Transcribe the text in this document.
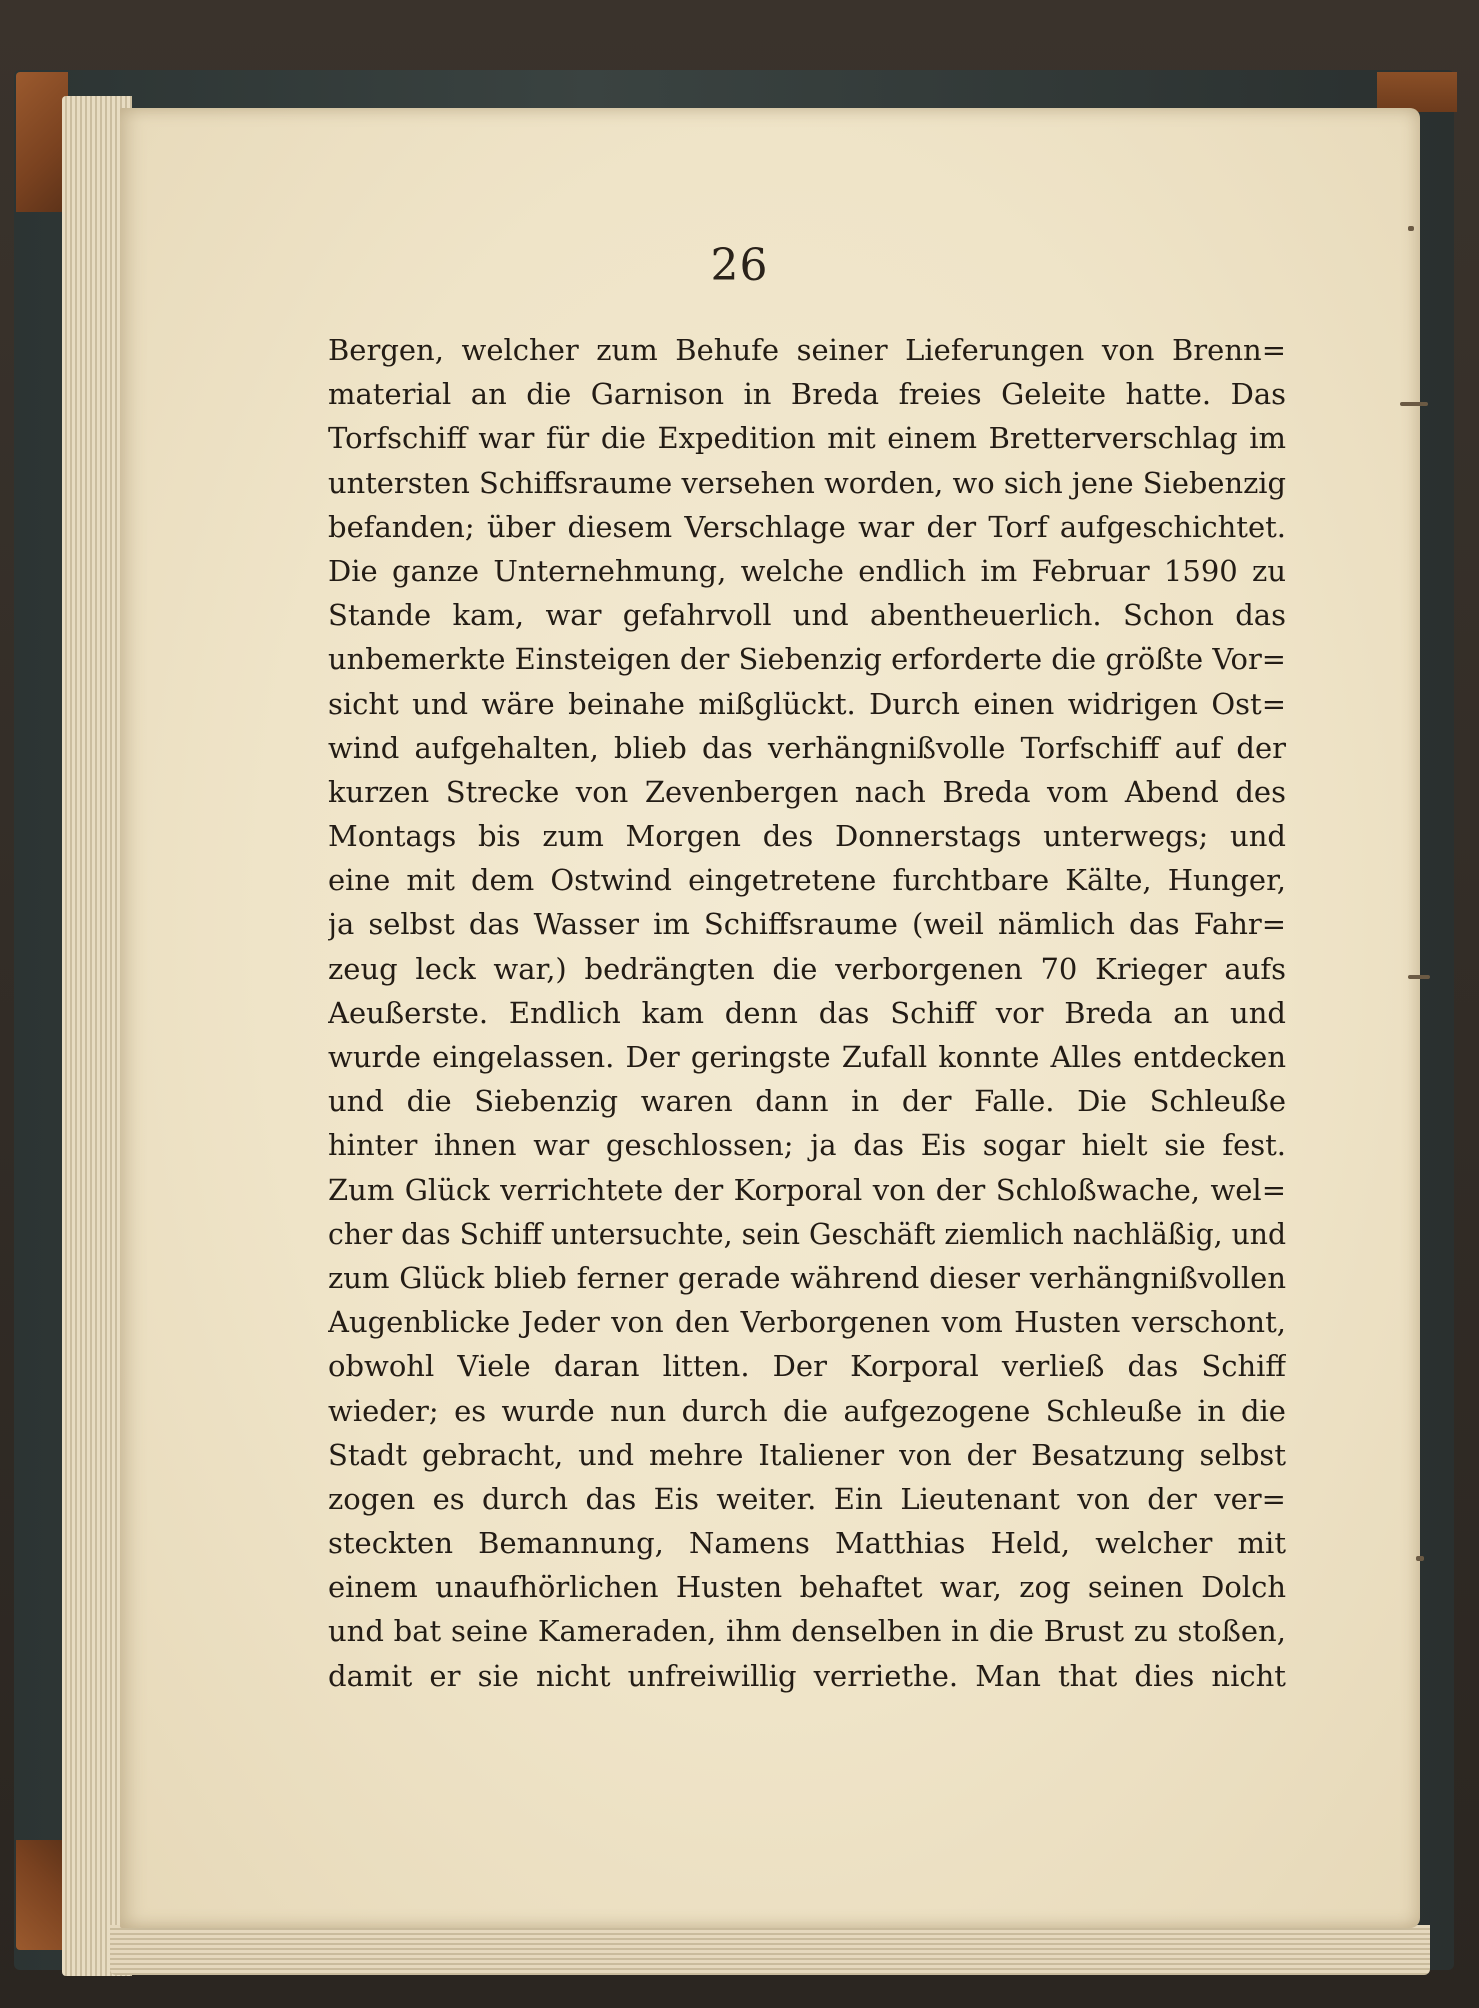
26
Bergen, welcher zum Behufe seiner Lieferungen von Brenn=
material an die Garnison in Breda freies Geleite hatte. Das
Torfschiff war für die Expedition mit einem Bretterverschlag im
untersten Schiffsraume versehen worden, wo sich jene Siebenzig
befanden; über diesem Verschlage war der Torf aufgeschichtet.
Die ganze Unternehmung, welche endlich im Februar 1590 zu
Stande kam, war gefahrvoll und abentheuerlich. Schon das
unbemerkte Einsteigen der Siebenzig erforderte die größte Vor=
sicht und wäre beinahe mißglückt. Durch einen widrigen Ost=
wind aufgehalten, blieb das verhängnißvolle Torfschiff auf der
kurzen Strecke von Zevenbergen nach Breda vom Abend des
Montags bis zum Morgen des Donnerstags unterwegs; und
eine mit dem Ostwind eingetretene furchtbare Kälte, Hunger,
ja selbst das Wasser im Schiffsraume (weil nämlich das Fahr=
zeug leck war,) bedrängten die verborgenen 70 Krieger aufs
Aeußerste. Endlich kam denn das Schiff vor Breda an und
wurde eingelassen. Der geringste Zufall konnte Alles entdecken
und die Siebenzig waren dann in der Falle. Die Schleuße
hinter ihnen war geschlossen; ja das Eis sogar hielt sie fest.
Zum Glück verrichtete der Korporal von der Schloßwache, wel=
cher das Schiff untersuchte, sein Geschäft ziemlich nachläßig, und
zum Glück blieb ferner gerade während dieser verhängnißvollen
Augenblicke Jeder von den Verborgenen vom Husten verschont,
obwohl Viele daran litten. Der Korporal verließ das Schiff
wieder; es wurde nun durch die aufgezogene Schleuße in die
Stadt gebracht, und mehre Italiener von der Besatzung selbst
zogen es durch das Eis weiter. Ein Lieutenant von der ver=
steckten Bemannung, Namens Matthias Held, welcher mit
einem unaufhörlichen Husten behaftet war, zog seinen Dolch
und bat seine Kameraden, ihm denselben in die Brust zu stoßen,
damit er sie nicht unfreiwillig verriethe. Man that dies nicht
